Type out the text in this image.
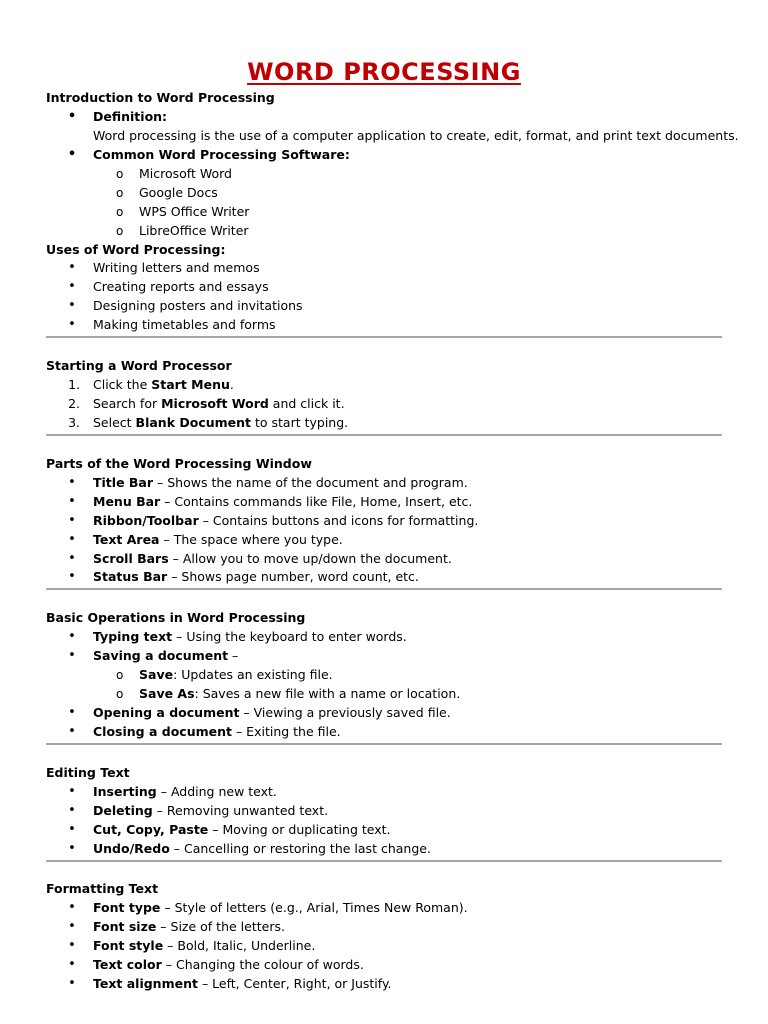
WORD PROCESSING
Introduction to Word Processing
• Definition:
Word processing is the use of a computer application to create, edit, format, and print text documents.
• Common Word Processing Software:
o Microsoft Word
o Google Docs
o WPS Office Writer
o LibreOffice Writer
Uses of Word Processing:
• Writing letters and memos
• Creating reports and essays
• Designing posters and invitations
• Making timetables and forms
Starting a Word Processor
1. Click the Start Menu.
2. Search for Microsoft Word and click it.
3. Select Blank Document to start typing.
Parts of the Word Processing Window
• Title Bar – Shows the name of the document and program.
• Menu Bar – Contains commands like File, Home, Insert, etc.
• Ribbon/Toolbar – Contains buttons and icons for formatting.
• Text Area – The space where you type.
• Scroll Bars – Allow you to move up/down the document.
• Status Bar – Shows page number, word count, etc.
Basic Operations in Word Processing
• Typing text – Using the keyboard to enter words.
• Saving a document –
o Save: Updates an existing file.
o Save As: Saves a new file with a name or location.
• Opening a document – Viewing a previously saved file.
• Closing a document – Exiting the file.
Editing Text
• Inserting – Adding new text.
• Deleting – Removing unwanted text.
• Cut, Copy, Paste – Moving or duplicating text.
• Undo/Redo – Cancelling or restoring the last change.
Formatting Text
• Font type – Style of letters (e.g., Arial, Times New Roman).
• Font size – Size of the letters.
• Font style – Bold, Italic, Underline.
• Text color – Changing the colour of words.
• Text alignment – Left, Center, Right, or Justify.
